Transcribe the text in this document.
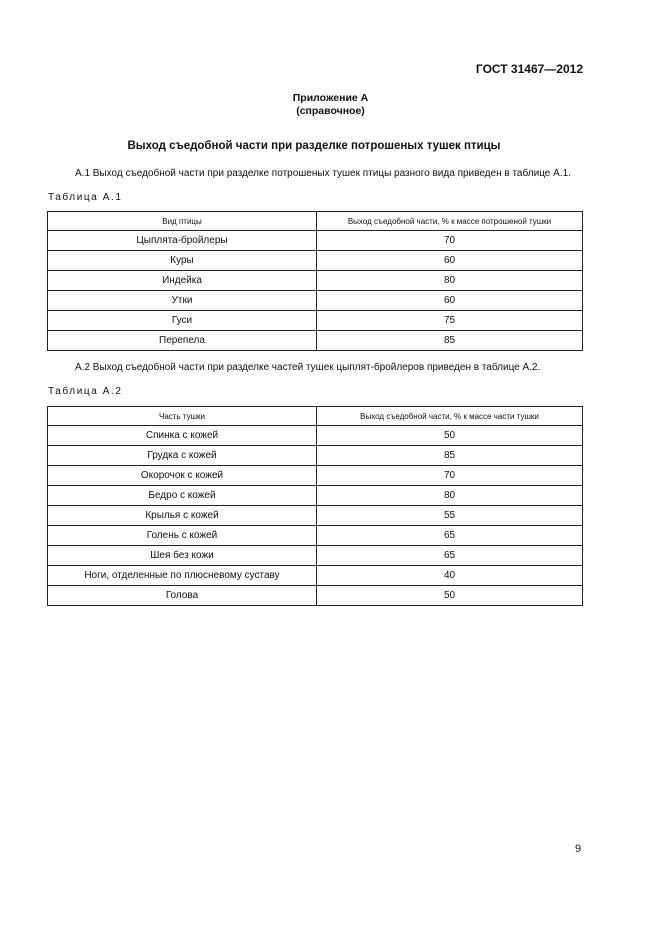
ГОСТ 31467—2012
Приложение А
(справочное)
Выход съедобной части при разделке потрошеных тушек птицы
А.1 Выход съедобной части при разделке потрошеных тушек птицы разного вида приведен в таблице А.1.
Таблица А.1
Вид птицы	Выход съедобной части, % к массе потрошеной тушки
Цыплята-бройлеры	70
Куры	60
Индейка	80
Утки	60
Гуси	75
Перепела	85
А.2 Выход съедобной части при разделке частей тушек цыплят-бройлеров приведен в таблице А.2.
Таблица А.2
Часть тушки	Выход съедобной части, % к массе части тушки
Спинка с кожей	50
Грудка с кожей	85
Окорочок с кожей	70
Бедро с кожей	80
Крылья с кожей	55
Голень с кожей	65
Шея без кожи	65
Ноги, отделенные по плюсневому суставу	40
Голова	50
9
